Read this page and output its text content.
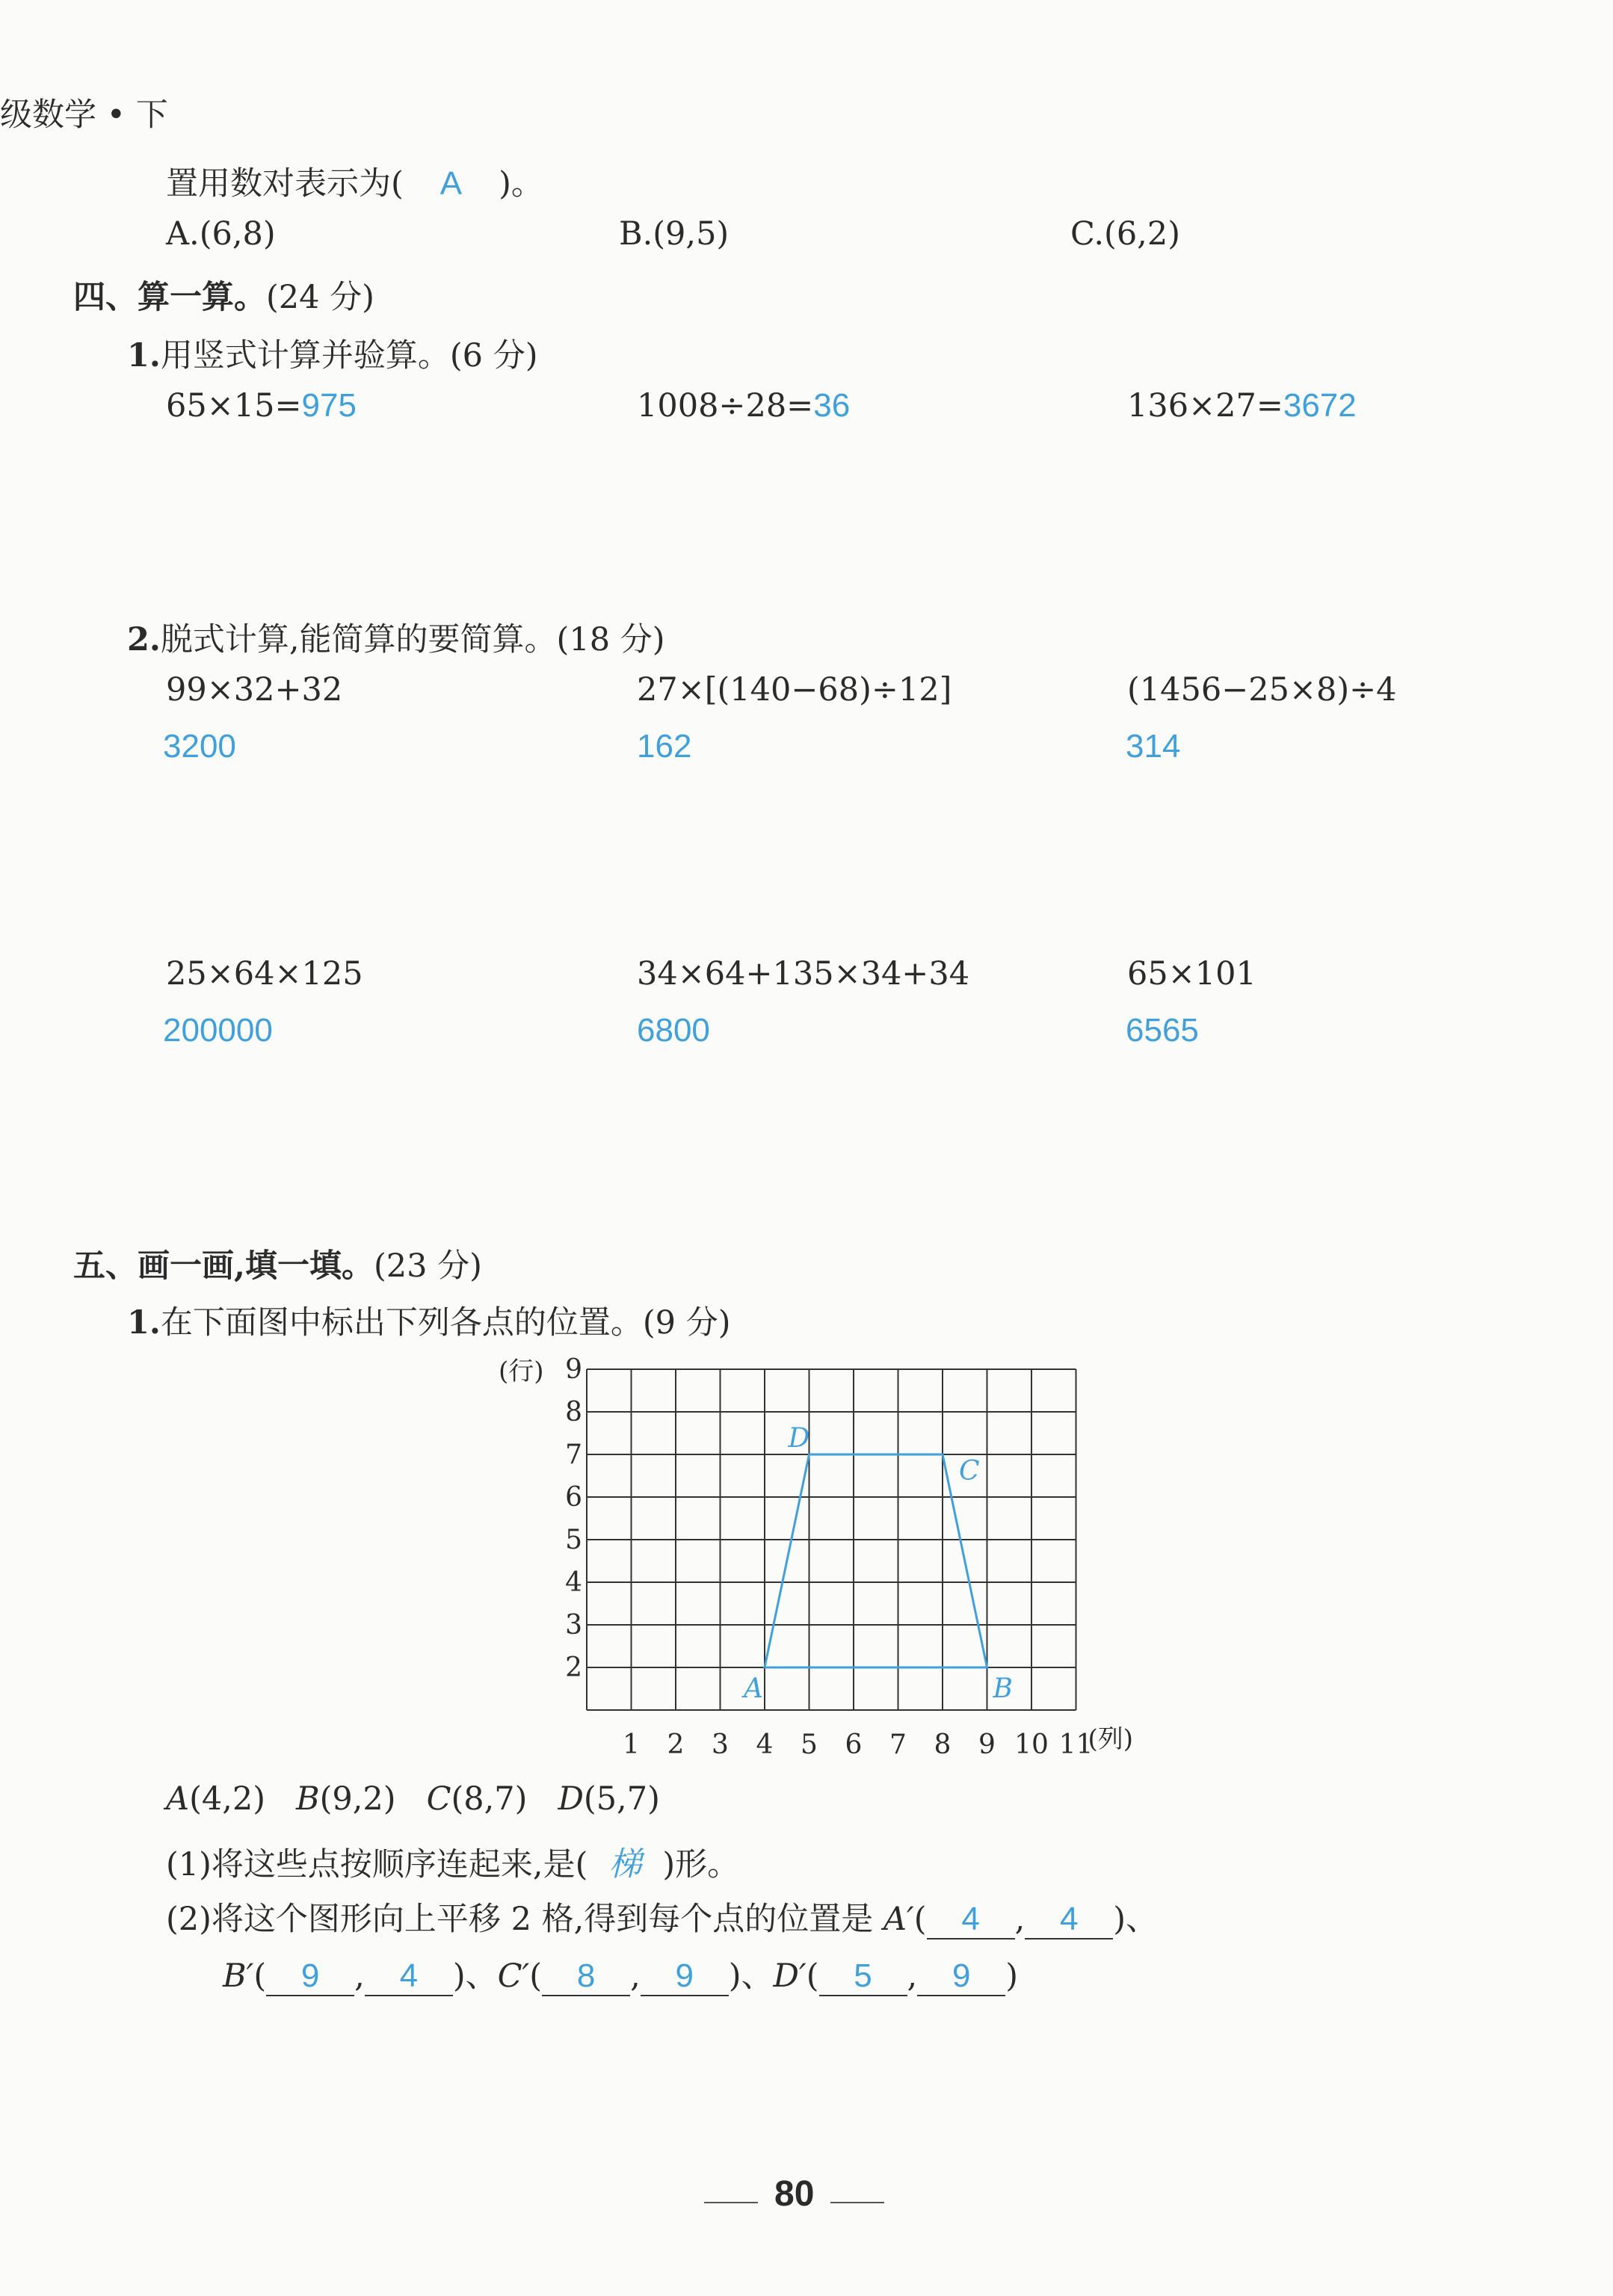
级数学 • 下
置用数对表示为( A )。
A.(6,8)	B.(9,5)	C.(6,2)
四、算一算。(24 分)
1.用竖式计算并验算。(6 分)
65×15=975	1008÷28=36	136×27=3672
2.脱式计算,能简算的要简算。(18 分)
99×32+32
3200
27×[(140−68)÷12]
162
(1456−25×8)÷4
314
25×64×125
200000
34×64+135×34+34
6800
65×101
6565
五、画一画,填一填。(23 分)
1.在下面图中标出下列各点的位置。(9 分)
2
3
4
5
6
7
8
9
1 2 3 4 5 6 7 8 9 10 11
(行)
(列)
A	B
C
D
A(4,2) B(9,2) C(8,7) D(5,7)
(1)将这些点按顺序连起来,是( 梯 )形。
(2)将这个图形向上平移 2 格,得到每个点的位置是 A′( 4 , 4 )、
B′( 9 , 4 )、C′( 8 , 9 )、D′( 5 , 9 )
80
